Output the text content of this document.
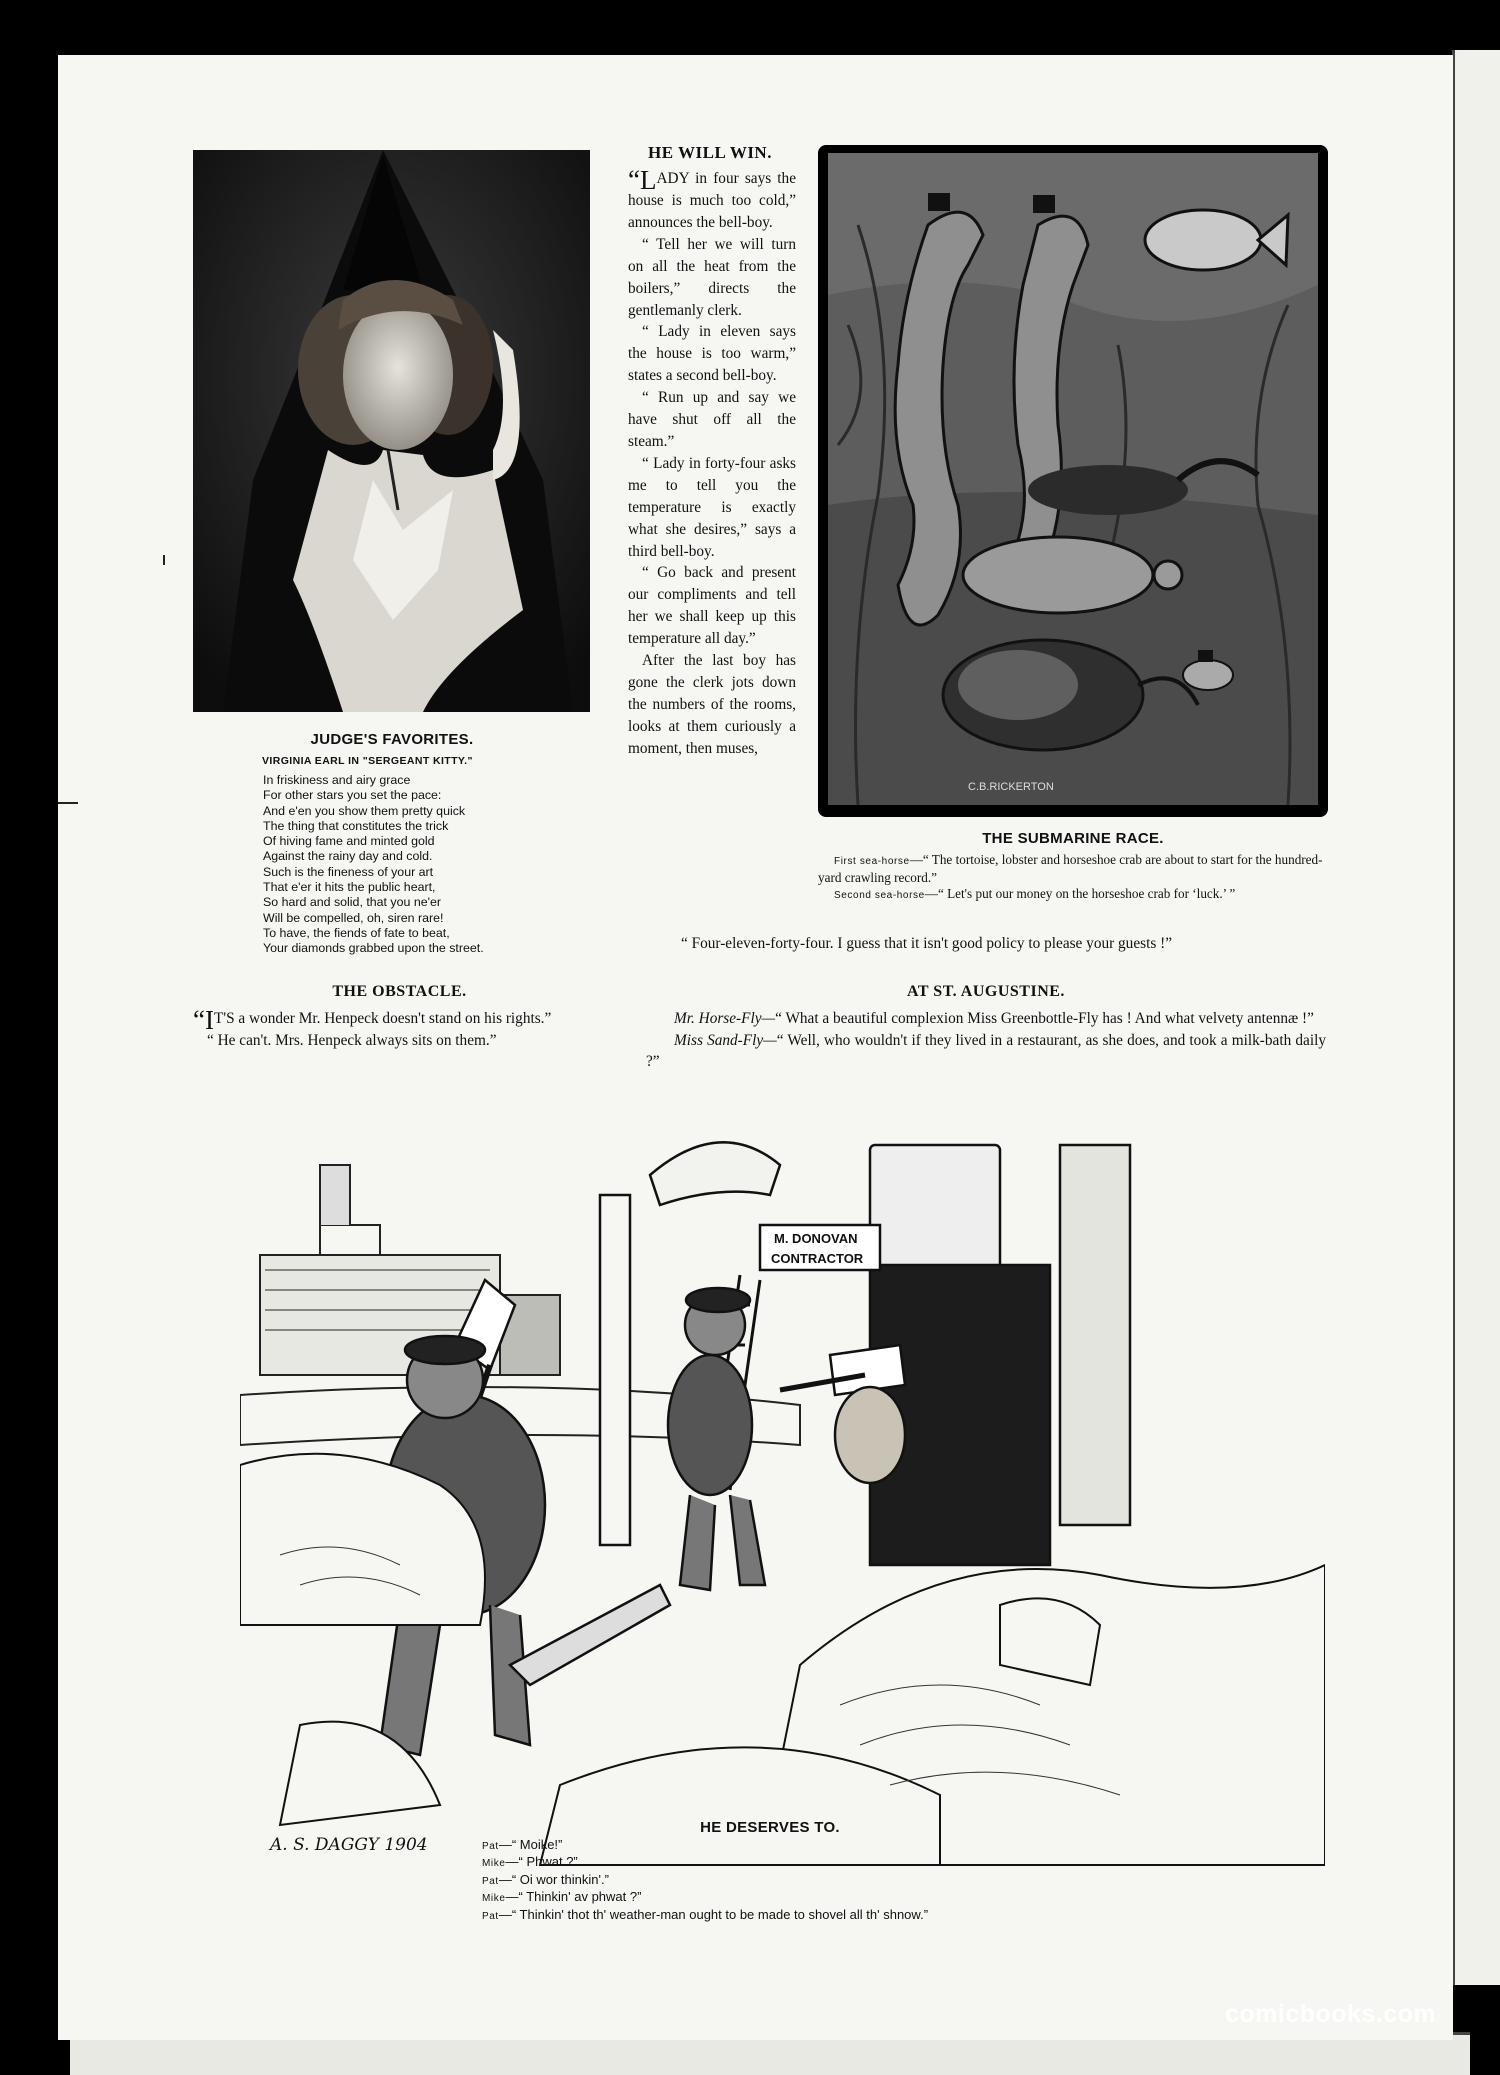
JUDGE'S FAVORITES.
VIRGINIA EARL IN "SERGEANT KITTY."
In friskiness and airy grace
For other stars you set the pace:
And e'en you show them pretty quick
The thing that constitutes the trick
Of hiving fame and minted gold
Against the rainy day and cold.
Such is the fineness of your art
That e'er it hits the public heart,
So hard and solid, that you ne'er
Will be compelled, oh, siren rare!
To have, the fiends of fate to beat,
Your diamonds grabbed upon the street.
HE WILL WIN.

“LADY in four says the house is much too cold,” announces the bell-boy.

“ Tell her we will turn on all the heat from the boilers,” directs the gentlemanly clerk.

“ Lady in eleven says the house is too warm,” states a second bell-boy.

“ Run up and say we have shut off all the steam.”

“ Lady in forty-four asks me to tell you the temperature is exactly what she desires,” says a third bell-boy.

“ Go back and present our compliments and tell her we shall keep up this temperature all day.”

After the last boy has gone the clerk jots down the numbers of the rooms, looks at them curiously a moment, then muses,

“ Four-eleven-forty-four. I guess that it isn't good policy to please your guests !”
C.B.RICKERTON
THE SUBMARINE RACE.

First sea-horse—“ The tortoise, lobster and horseshoe crab are about to start for the hundred-yard crawling record.”

Second sea-horse—“ Let's put our money on the horseshoe crab for ‘luck.’ ”

THE OBSTACLE.

“IT'S a wonder Mr. Henpeck doesn't stand on his rights.”

“ He can't. Mrs. Henpeck always sits on them.”

AT ST. AUGUSTINE.

Mr. Horse-Fly—“ What a beautiful complexion Miss Greenbottle-Fly has ! And what velvety antennæ !”

Miss Sand-Fly—“ Well, who wouldn't if they lived in a restaurant, as she does, and took a milk-bath daily ?”

M. DONOVAN
CONTRACTOR
A. S. DAGGY 1904
HE DESERVES TO.
Pat—“ Moike!”
Mike—“ Phwat ?”
Pat—“ Oi wor thinkin'.”
Mike—“ Thinkin' av phwat ?”
Pat—“ Thinkin' thot th' weather-man ought to be made to shovel all th' shnow.”
comicbooks.com
